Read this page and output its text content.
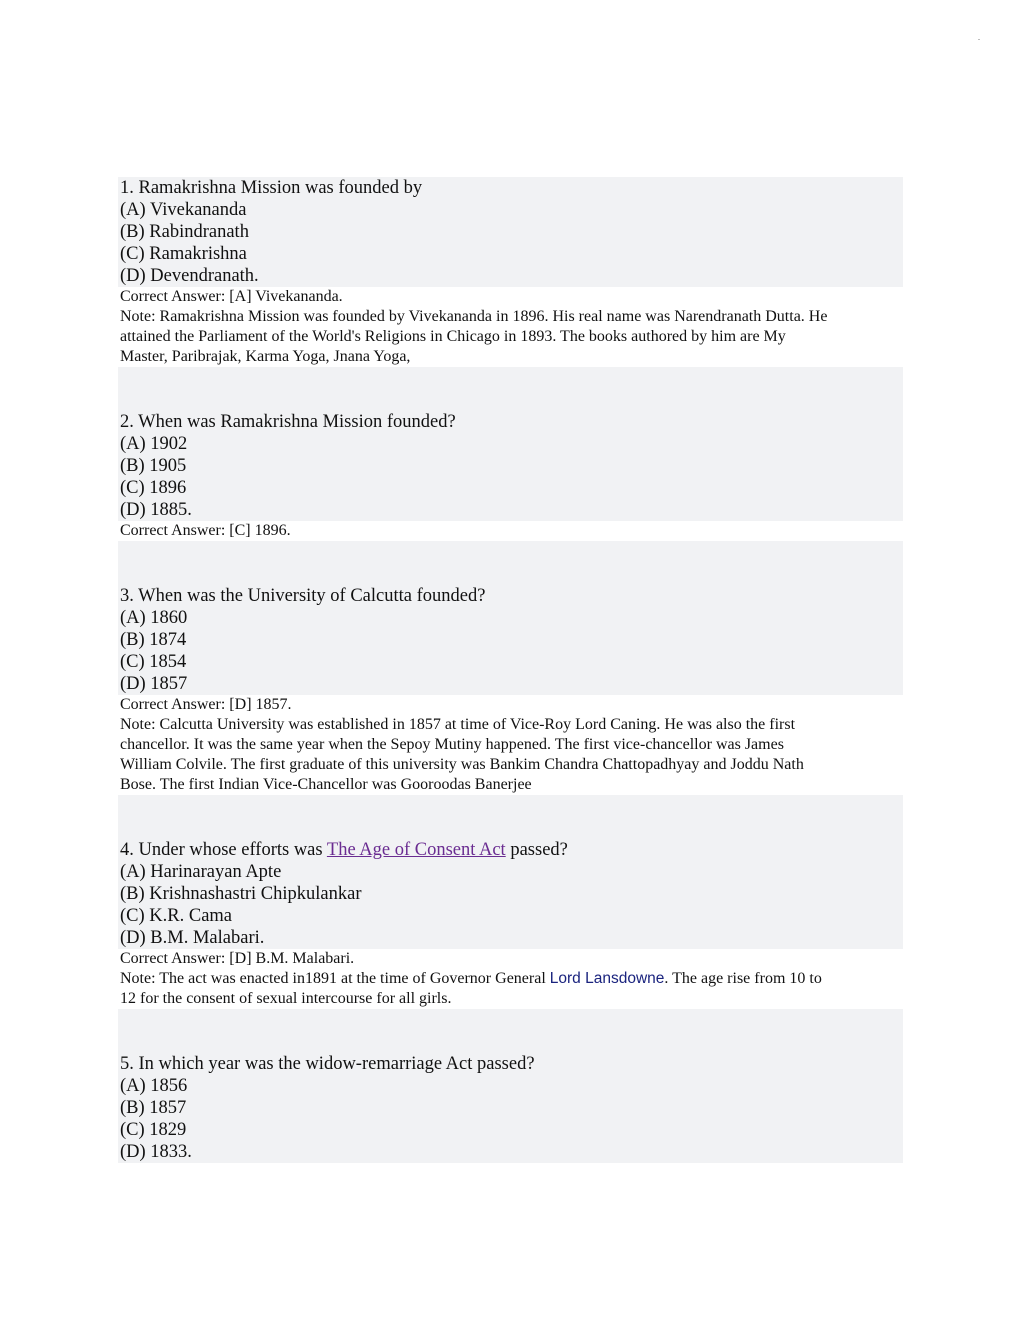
.
1. Ramakrishna Mission was founded by
(A) Vivekananda
(B) Rabindranath
(C) Ramakrishna
(D) Devendranath.
Correct Answer: [A] Vivekananda.
Note: Ramakrishna Mission was founded by Vivekananda in 1896. His real name was Narendranath Dutta. He
attained the Parliament of the World's Religions in Chicago in 1893. The books authored by him are My
Master, Paribrajak, Karma Yoga, Jnana Yoga,
2. When was Ramakrishna Mission founded?
(A) 1902
(B) 1905
(C) 1896
(D) 1885.
Correct Answer: [C] 1896.
3. When was the University of Calcutta founded?
(A) 1860
(B) 1874
(C) 1854
(D) 1857
Correct Answer: [D] 1857.
Note: Calcutta University was established in 1857 at time of Vice-Roy Lord Caning. He was also the first
chancellor. It was the same year when the Sepoy Mutiny happened. The first vice-chancellor was James
William Colvile. The first graduate of this university was Bankim Chandra Chattopadhyay and Joddu Nath
Bose. The first Indian Vice-Chancellor was Gooroodas Banerjee
4. Under whose efforts was The Age of Consent Act passed?
(A) Harinarayan Apte
(B) Krishnashastri Chipkulankar
(C) K.R. Cama
(D) B.M. Malabari.
Correct Answer: [D] B.M. Malabari.
Note: The act was enacted in1891 at the time of Governor General Lord Lansdowne. The age rise from 10 to
12 for the consent of sexual intercourse for all girls.
5. In which year was the widow-remarriage Act passed?
(A) 1856
(B) 1857
(C) 1829
(D) 1833.
